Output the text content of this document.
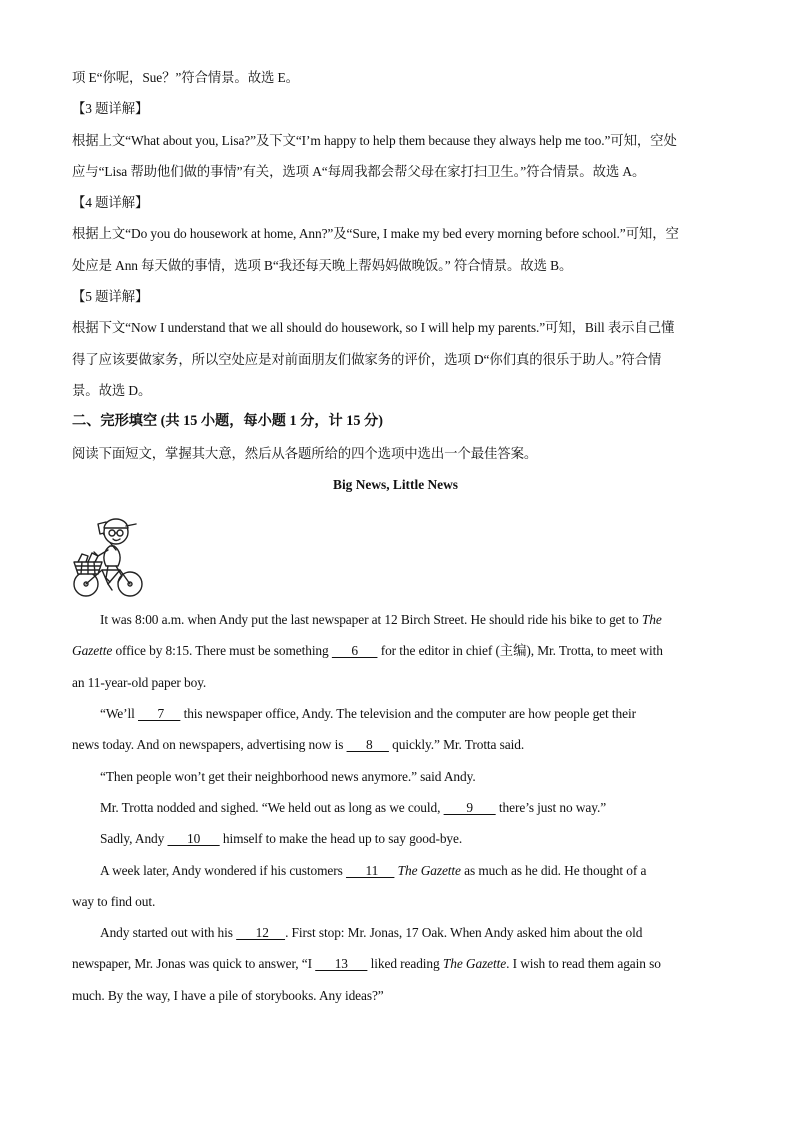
项 E“你呢，Sue？”符合情景。故选 E。
【3 题详解】
根据上文“What about you, Lisa?”及下文“I’m happy to help them because they always help me too.”可知，空处
应与“Lisa 帮助他们做的事情”有关，选项 A“每周我都会帮父母在家打扫卫生。”符合情景。故选 A。
【4 题详解】
根据上文“Do you do housework at home, Ann?”及“Sure, I make my bed every morning before school.”可知，空
处应是 Ann 每天做的事情，选项 B“我还每天晚上帮妈妈做晚饭。” 符合情景。故选 B。
【5 题详解】
根据下文“Now I understand that we all should do housework, so I will help my parents.”可知，Bill 表示自己懂
得了应该要做家务，所以空处应是对前面朋友们做家务的评价，选项 D“你们真的很乐于助人。”符合情
景。故选 D。
二、完形填空 (共 15 小题，每小题 1 分，计 15 分)
阅读下面短文，掌握其大意，然后从各题所给的四个选项中选出一个最佳答案。
Big News, Little News
It was 8:00 a.m. when Andy put the last newspaper at 12 Birch Street. He should ride his bike to get to The
Gazette office by 8:15. There must be something       6       for the editor in chief (主编), Mr. Trotta, to meet with
an 11-year-old paper boy.
“We’ll       7      this newspaper office, Andy. The television and the computer are how people get their
news today. And on newspapers, advertising now is       8      quickly.” Mr. Trotta said.
“Then people won’t get their neighborhood news anymore.” said Andy.
Mr. Trotta nodded and sighed. “We held out as long as we could,        9        there’s just no way.”
Sadly, Andy       10       himself to make the head up to say good-bye.
A week later, Andy wondered if his customers       11      The Gazette as much as he did. He thought of a
way to find out.
Andy started out with his       12     . First stop: Mr. Jonas, 17 Oak. When Andy asked him about the old
newspaper, Mr. Jonas was quick to answer, “I       13       liked reading The Gazette. I wish to read them again so
much. By the way, I have a pile of storybooks. Any ideas?”
